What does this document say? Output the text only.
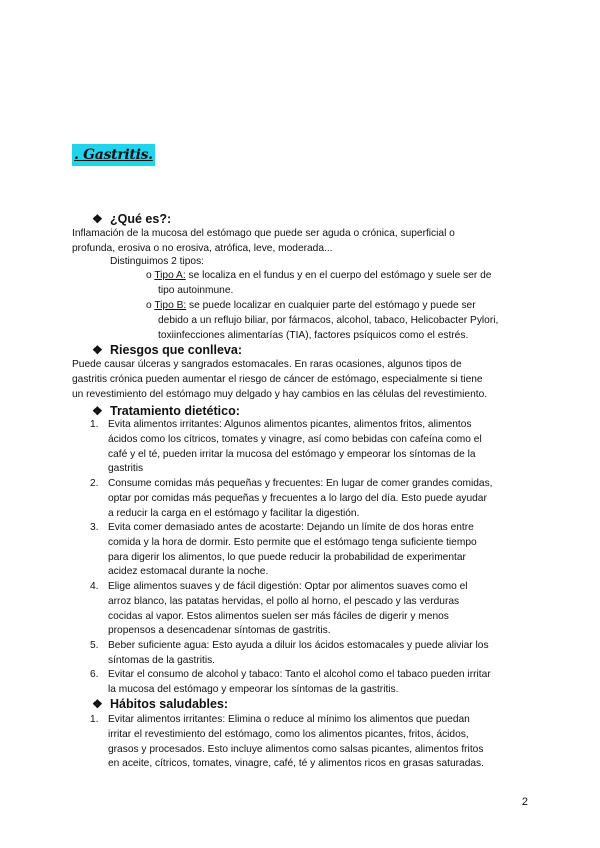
. Gastritis.
❖ ¿Qué es?:
Inflamación de la mucosa del estómago que puede ser aguda o crónica, superficial o
profunda, erosiva o no erosiva, atrófica, leve, moderada...
Distinguimos 2 tipos:
o Tipo A: se localiza en el fundus y en el cuerpo del estómago y suele ser de
tipo autoinmune.
o Tipo B: se puede localizar en cualquier parte del estómago y puede ser
debido a un reflujo biliar, por fármacos, alcohol, tabaco, Helicobacter Pylori,
toxiinfecciones alimentarías (TIA), factores psíquicos como el estrés.
❖ Riesgos que conlleva:
Puede causar úlceras y sangrados estomacales. En raras ocasiones, algunos tipos de
gastritis crónica pueden aumentar el riesgo de cáncer de estómago, especialmente si tiene
un revestimiento del estómago muy delgado y hay cambios en las células del revestimiento.
❖ Tratamiento dietético:
1. Evita alimentos irritantes: Algunos alimentos picantes, alimentos fritos, alimentos
ácidos como los cítricos, tomates y vinagre, así como bebidas con cafeína como el
café y el té, pueden irritar la mucosa del estómago y empeorar los síntomas de la
gastritis
2. Consume comidas más pequeñas y frecuentes: En lugar de comer grandes comidas,
optar por comidas más pequeñas y frecuentes a lo largo del día. Esto puede ayudar
a reducir la carga en el estómago y facilitar la digestión.
3. Evita comer demasiado antes de acostarte: Dejando un límite de dos horas entre
comida y la hora de dormir. Esto permite que el estómago tenga suficiente tiempo
para digerir los alimentos, lo que puede reducir la probabilidad de experimentar
acidez estomacal durante la noche.
4. Elige alimentos suaves y de fácil digestión: Optar por alimentos suaves como el
arroz blanco, las patatas hervidas, el pollo al horno, el pescado y las verduras
cocidas al vapor. Estos alimentos suelen ser más fáciles de digerir y menos
propensos a desencadenar síntomas de gastritis.
5. Beber suficiente agua: Esto ayuda a diluir los ácidos estomacales y puede aliviar los
síntomas de la gastritis.
6. Evitar el consumo de alcohol y tabaco: Tanto el alcohol como el tabaco pueden irritar
la mucosa del estómago y empeorar los síntomas de la gastritis.
❖ Hábitos saludables:
1. Evitar alimentos irritantes: Elimina o reduce al mínimo los alimentos que puedan
irritar el revestimiento del estómago, como los alimentos picantes, fritos, ácidos,
grasos y procesados. Esto incluye alimentos como salsas picantes, alimentos fritos
en aceite, cítricos, tomates, vinagre, café, té y alimentos ricos en grasas saturadas.
2
